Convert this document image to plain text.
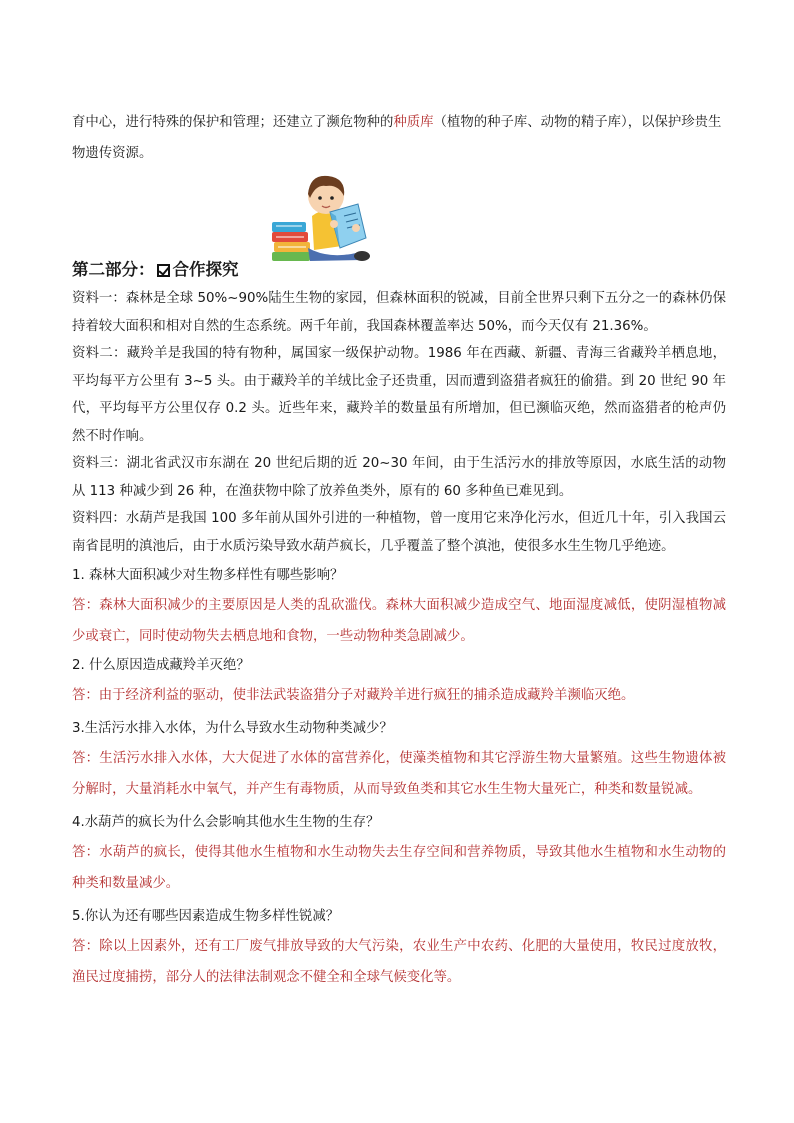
育中心，进行特殊的保护和管理；还建立了濒危物种的种质库（植物的种子库、动物的精子库），以保护珍贵生物遗传资源。

第二部分： 合作探究

资料一：森林是全球 50%~90%陆生生物的家园，但森林面积的锐减，目前全世界只剩下五分之一的森林仍保持着较大面积和相对自然的生态系统。两千年前，我国森林覆盖率达 50%，而今天仅有 21.36%。

资料二：藏羚羊是我国的特有物种，属国家一级保护动物。1986 年在西藏、新疆、青海三省藏羚羊栖息地，平均每平方公里有 3~5 头。由于藏羚羊的羊绒比金子还贵重，因而遭到盗猎者疯狂的偷猎。到 20 世纪 90 年代，平均每平方公里仅存 0.2 头。近些年来，藏羚羊的数量虽有所增加，但已濒临灭绝，然而盗猎者的枪声仍然不时作响。

资料三：湖北省武汉市东湖在 20 世纪后期的近 20~30 年间，由于生活污水的排放等原因，水底生活的动物从 113 种减少到 26 种，在渔获物中除了放养鱼类外，原有的 60 多种鱼已难见到。

资料四：水葫芦是我国 100 多年前从国外引进的一种植物，曾一度用它来净化污水，但近几十年，引入我国云南省昆明的滇池后，由于水质污染导致水葫芦疯长，几乎覆盖了整个滇池，使很多水生生物几乎绝迹。

1. 森林大面积减少对生物多样性有哪些影响？

答：森林大面积减少的主要原因是人类的乱砍滥伐。森林大面积减少造成空气、地面湿度减低，使阴湿植物减少或衰亡，同时使动物失去栖息地和食物，一些动物种类急剧减少。

2. 什么原因造成藏羚羊灭绝？

答：由于经济利益的驱动，使非法武装盗猎分子对藏羚羊进行疯狂的捕杀造成藏羚羊濒临灭绝。

3.生活污水排入水体，为什么导致水生动物种类减少？

答：生活污水排入水体，大大促进了水体的富营养化，使藻类植物和其它浮游生物大量繁殖。这些生物遗体被分解时，大量消耗水中氧气，并产生有毒物质，从而导致鱼类和其它水生生物大量死亡，种类和数量锐减。

4.水葫芦的疯长为什么会影响其他水生生物的生存？

答：水葫芦的疯长，使得其他水生植物和水生动物失去生存空间和营养物质，导致其他水生植物和水生动物的种类和数量减少。

5.你认为还有哪些因素造成生物多样性锐减？

答：除以上因素外，还有工厂废气排放导致的大气污染，农业生产中农药、化肥的大量使用，牧民过度放牧，渔民过度捕捞，部分人的法律法制观念不健全和全球气候变化等。
